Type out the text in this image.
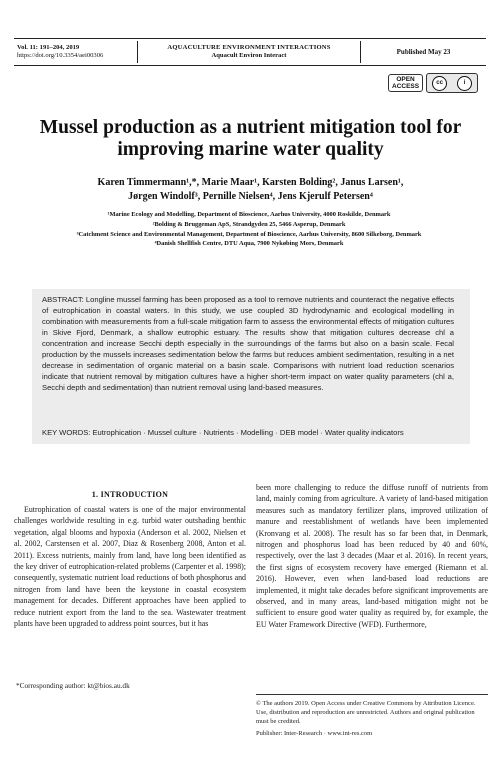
Vol. 11: 191–204, 2019
https://doi.org/10.3354/aei00306
AQUACULTURE ENVIRONMENT INTERACTIONS
Aquacult Environ Interact	Published May 23
OPEN
ACCESS	cc	i
Mussel production as a nutrient mitigation tool for improving marine water quality
Karen Timmermann¹,*, Marie Maar¹, Karsten Bolding², Janus Larsen¹,
Jørgen Windolf³, Pernille Nielsen⁴, Jens Kjerulf Petersen⁴
¹Marine Ecology and Modelling, Department of Bioscience, Aarhus University, 4000 Roskilde, Denmark
²Bolding & Bruggeman ApS, Strandgyden 25, 5466 Asperup, Denmark
³Catchment Science and Environmental Management, Department of Bioscience, Aarhus University, 8600 Silkeborg, Denmark
⁴Danish Shellfish Centre, DTU Aqua, 7900 Nykøbing Mors, Denmark
ABSTRACT: Longline mussel farming has been proposed as a tool to remove nutrients and counteract the negative effects of eutrophication in coastal waters. In this study, we use coupled 3D hydrodynamic and ecological modelling in combination with measurements from a full-scale mitigation farm to assess the environmental effects of mitigation cultures in Skive Fjord, Denmark, a shallow eutrophic estuary. The results show that mitigation cultures decrease chl a concentration and increase Secchi depth especially in the surroundings of the farms but also on a basin scale. Fecal production by the mussels increases sedimentation below the farms but reduces ambient sedimentation, resulting in a net decrease in sedimentation of organic material on a basin scale. Comparisons with nutrient load reduction scenarios indicate that nutrient removal by mitigation cultures have a higher short-term impact on water quality parameters (chl a, Secchi depth and sedimentation) than nutrient removal using land-based measures.
KEY WORDS: Eutrophication · Mussel culture · Nutrients · Modelling · DEB model · Water quality indicators
1. INTRODUCTION
Eutrophication of coastal waters is one of the major environmental challenges worldwide resulting in e.g. turbid water outshading benthic vegetation, algal blooms and hypoxia (Anderson et al. 2002, Nielsen et al. 2002, Carstensen et al. 2007, Diaz & Rosenberg 2008, Anton et al. 2011). Excess nutrients, mainly from land, have long been identified as the key driver of eutrophication-related problems (Carpenter et al. 1998); consequently, systematic nutrient load reductions of both phosphorus and nitrogen from land have been the keystone in coastal ecosystem management for decades. Different approaches have been applied to reduce nutrient export from the land to the sea. Wastewater treatment plants have been upgraded to address point sources, but it has
been more challenging to reduce the diffuse runoff of nutrients from land, mainly coming from agriculture. A variety of land-based mitigation measures such as mandatory fertilizer plans, improved utilization of manure and reestablishment of wetlands have been implemented (Kronvang et al. 2008). The result has so far been that, in Denmark, nitrogen and phosphorus load has been reduced by 40 and 60%, respectively, over the last 3 decades (Maar et al. 2016). In recent years, the first signs of ecosystem recovery have emerged (Riemann et al. 2016). However, even when land-based load reductions are implemented, it might take decades before significant improvements are observed, and in many areas, land-based mitigation might not be sufficient to ensure good water quality as required by, for example, the EU Water Framework Directive (WFD). Furthermore,
*Corresponding author: kt@bios.au.dk
© The authors 2019. Open Access under Creative Commons by Attribution Licence. Use, distribution and reproduction are unrestricted. Authors and original publication must be credited.
Publisher: Inter-Research · www.int-res.com
